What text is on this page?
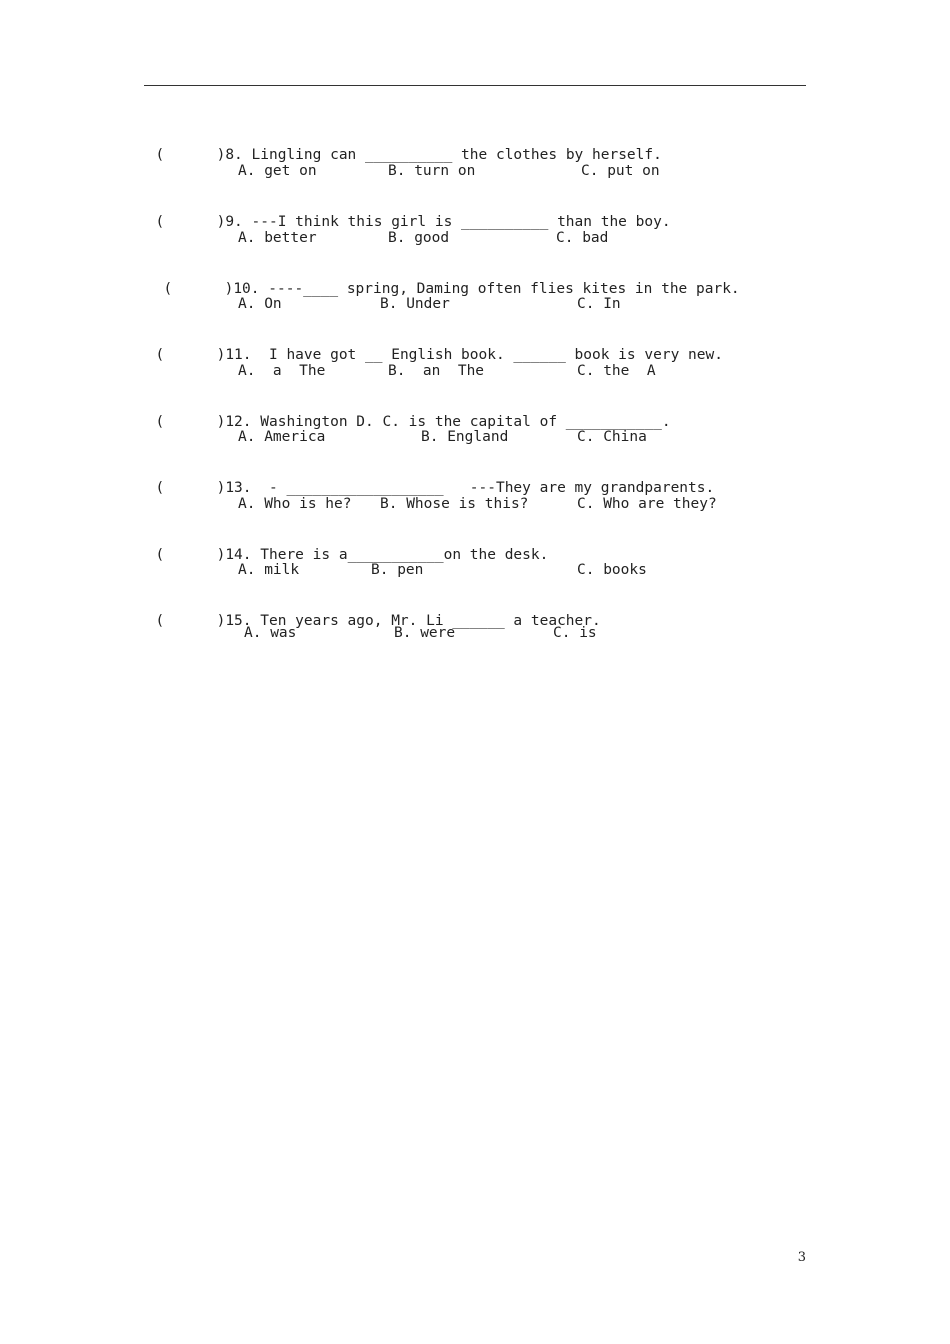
(      )8. Lingling can __________ the clothes by herself.

A. get on	B. turn on	C. put on

(      )9. ---I think this girl is __________ than the boy.

A. better	B. good	C. bad

(      )10. ----____ spring, Daming often flies kites in the park.

A. On	B. Under	C. In

(      )11.  I have got __ English book. ______ book is very new.

A.  a  The	B.  an  The	C. the  A

(      )12. Washington D. C. is the capital of ___________.

A. America	B. England	C. China

(      )13.  - __________________   ---They are my grandparents.

A. Who is he? B. Whose is this?	C. Who are they?

(      )14. There is a___________on the desk.

A. milk	B. pen	C. books

(      )15. Ten years ago, Mr. Li ______ a teacher.

A. was	B. were	C. is
3
